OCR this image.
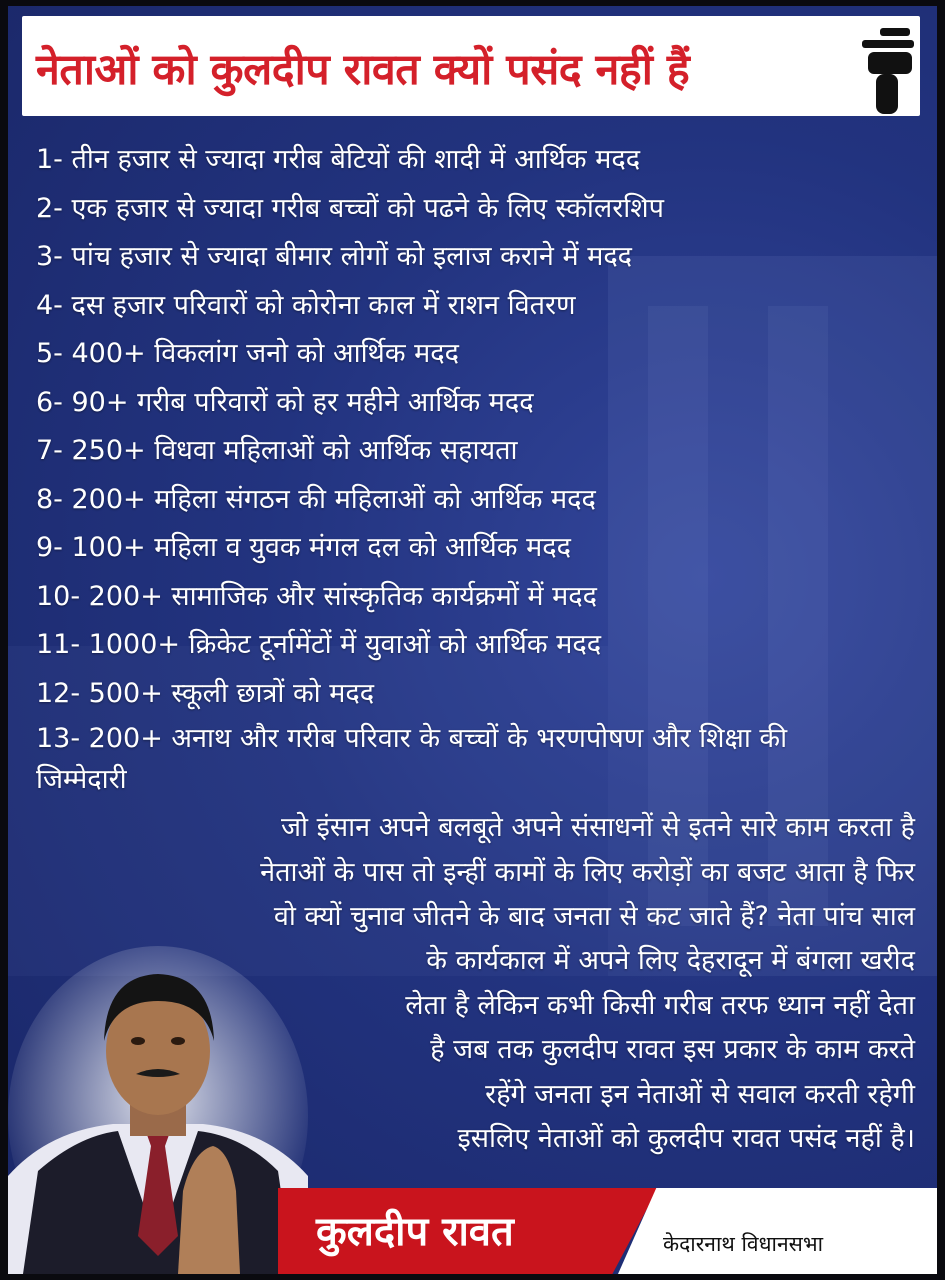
नेताओं को कुलदीप रावत क्यों पसंद नहीं हैं
1- तीन हजार से ज्यादा गरीब बेटियों की शादी में आर्थिक मदद
2- एक हजार से ज्यादा गरीब बच्चों को पढने के लिए स्कॉलरशिप
3- पांच हजार से ज्यादा बीमार लोगों को इलाज कराने में मदद
4- दस हजार परिवारों को कोरोना काल में राशन वितरण
5- 400+ विकलांग जनो को आर्थिक मदद
6- 90+ गरीब परिवारों को हर महीने आर्थिक मदद
7- 250+ विधवा महिलाओं को आर्थिक सहायता
8- 200+ महिला संगठन की महिलाओं को आर्थिक मदद
9- 100+ महिला व युवक मंगल दल को आर्थिक मदद
10- 200+ सामाजिक और सांस्कृतिक कार्यक्रमों में मदद
11- 1000+ क्रिकेट टूर्नामेंटों में युवाओं को आर्थिक मदद
12- 500+ स्कूली छात्रों को मदद
13- 200+ अनाथ और गरीब परिवार के बच्चों के भरणपोषण और शिक्षा की जिम्मेदारी
जो इंसान अपने बलबूते अपने संसाधनों से इतने सारे काम करता है
नेताओं के पास तो इन्हीं कामों के लिए करोड़ों का बजट आता है फिर
वो क्यों चुनाव जीतने के बाद जनता से कट जाते हैं? नेता पांच साल
के कार्यकाल में अपने लिए देहरादून में बंगला खरीद
लेता है लेकिन कभी किसी गरीब तरफ ध्यान नहीं देता
है जब तक कुलदीप रावत इस प्रकार के काम करते
रहेंगे जनता इन नेताओं से सवाल करती रहेगी
इसलिए नेताओं को कुलदीप रावत पसंद नहीं है।
कुलदीप रावत	केदारनाथ विधानसभा
